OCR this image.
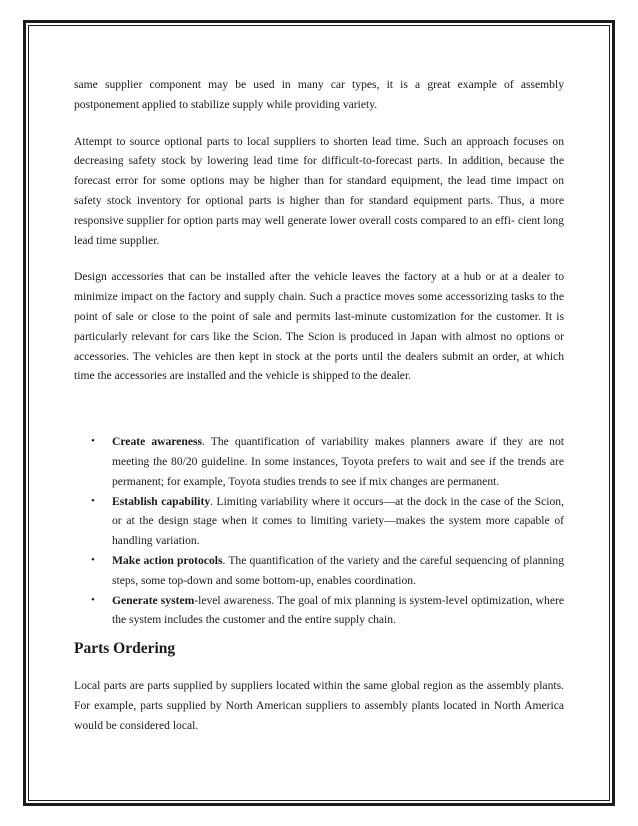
same supplier component may be used in many car types, it is a great example of assembly postponement applied to stabilize supply while providing variety.

Attempt to source optional parts to local suppliers to shorten lead time. Such an approach focuses on decreasing safety stock by lowering lead time for difficult-to-forecast parts. In addition, because the forecast error for some options may be higher than for standard equipment, the lead time impact on safety stock inventory for optional parts is higher than for standard equipment parts. Thus, a more responsive supplier for option parts may well generate lower overall costs compared to an effi- cient long lead time supplier.

Design accessories that can be installed after the vehicle leaves the factory at a hub or at a dealer to minimize impact on the factory and supply chain. Such a practice moves some accessorizing tasks to the point of sale or close to the point of sale and permits last-minute customization for the customer. It is particularly relevant for cars like the Scion. The Scion is produced in Japan with almost no options or accessories. The vehicles are then kept in stock at the ports until the dealers submit an order, at which time the accessories are installed and the vehicle is shipped to the dealer.

• Create awareness. The quantification of variability makes planners aware if they are not meeting the 80/20 guideline. In some instances, Toyota prefers to wait and see if the trends are permanent; for example, Toyota studies trends to see if mix changes are permanent.
• Establish capability. Limiting variability where it occurs—at the dock in the case of the Scion, or at the design stage when it comes to limiting variety—makes the system more capable of handling variation.
• Make action protocols. The quantification of the variety and the careful sequencing of planning steps, some top-down and some bottom-up, enables coordination.
• Generate system-level awareness. The goal of mix planning is system-level optimization, where the system includes the customer and the entire supply chain.
Parts Ordering

Local parts are parts supplied by suppliers located within the same global region as the assembly plants. For example, parts supplied by North American suppliers to assembly plants located in North America would be considered local.
